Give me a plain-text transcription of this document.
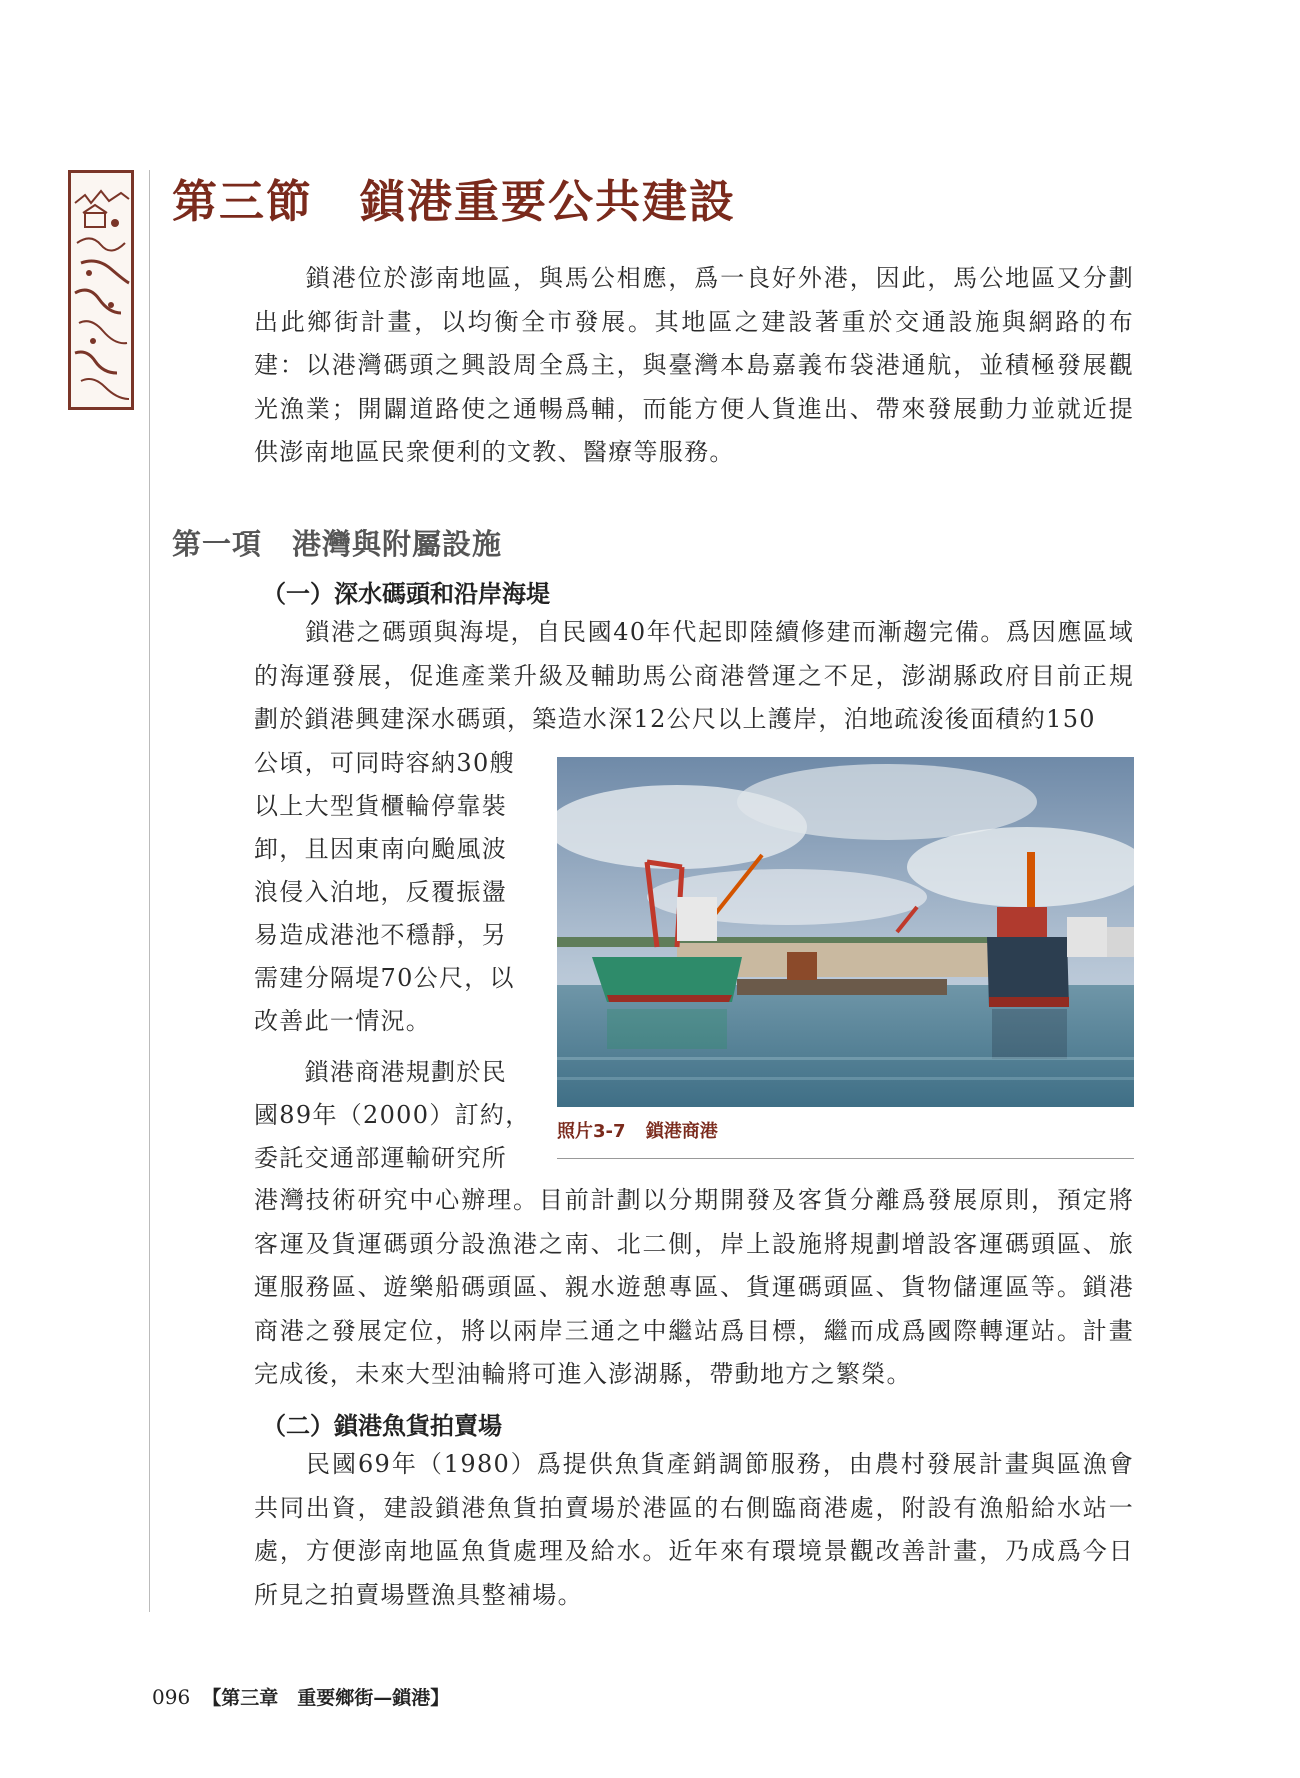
第三節　鎖港重要公共建設

　　鎖港位於澎南地區，與馬公相應，爲一良好外港，因此，馬公地區又分劃出此鄉街計畫，以均衡全市發展。其地區之建設著重於交通設施與網路的布建：以港灣碼頭之興設周全爲主，與臺灣本島嘉義布袋港通航，並積極發展觀光漁業；開闢道路使之通暢爲輔，而能方便人貨進出、帶來發展動力並就近提供澎南地區民衆便利的文教、醫療等服務。

第一項　港灣與附屬設施

（一）深水碼頭和沿岸海堤

　　鎖港之碼頭與海堤，自民國40年代起即陸續修建而漸趨完備。爲因應區域的海運發展，促進產業升級及輔助馬公商港營運之不足，澎湖縣政府目前正規劃於鎖港興建深水碼頭，築造水深12公尺以上護岸，泊地疏浚後面積約150

公頃，可同時容納30艘

以上大型貨櫃輪停靠裝

卸，且因東南向颱風波

浪侵入泊地，反覆振盪

易造成港池不穩靜，另

需建分隔堤70公尺，以

改善此一情況。

　　鎖港商港規劃於民

國89年（2000）訂約，

委託交通部運輸研究所

照片3-7 鎖港商港

港灣技術研究中心辦理。目前計劃以分期開發及客貨分離爲發展原則，預定將客運及貨運碼頭分設漁港之南、北二側，岸上設施將規劃增設客運碼頭區、旅運服務區、遊樂船碼頭區、親水遊憩專區、貨運碼頭區、貨物儲運區等。鎖港商港之發展定位，將以兩岸三通之中繼站爲目標，繼而成爲國際轉運站。計畫完成後，未來大型油輪將可進入澎湖縣，帶動地方之繁榮。

（二）鎖港魚貨拍賣場

　　民國69年（1980）爲提供魚貨產銷調節服務，由農村發展計畫與區漁會共同出資，建設鎖港魚貨拍賣場於港區的右側臨商港處，附設有漁船給水站一處，方便澎南地區魚貨處理及給水。近年來有環境景觀改善計畫，乃成爲今日所見之拍賣場暨漁具整補場。

096 【第三章　重要鄉街—鎖港】
